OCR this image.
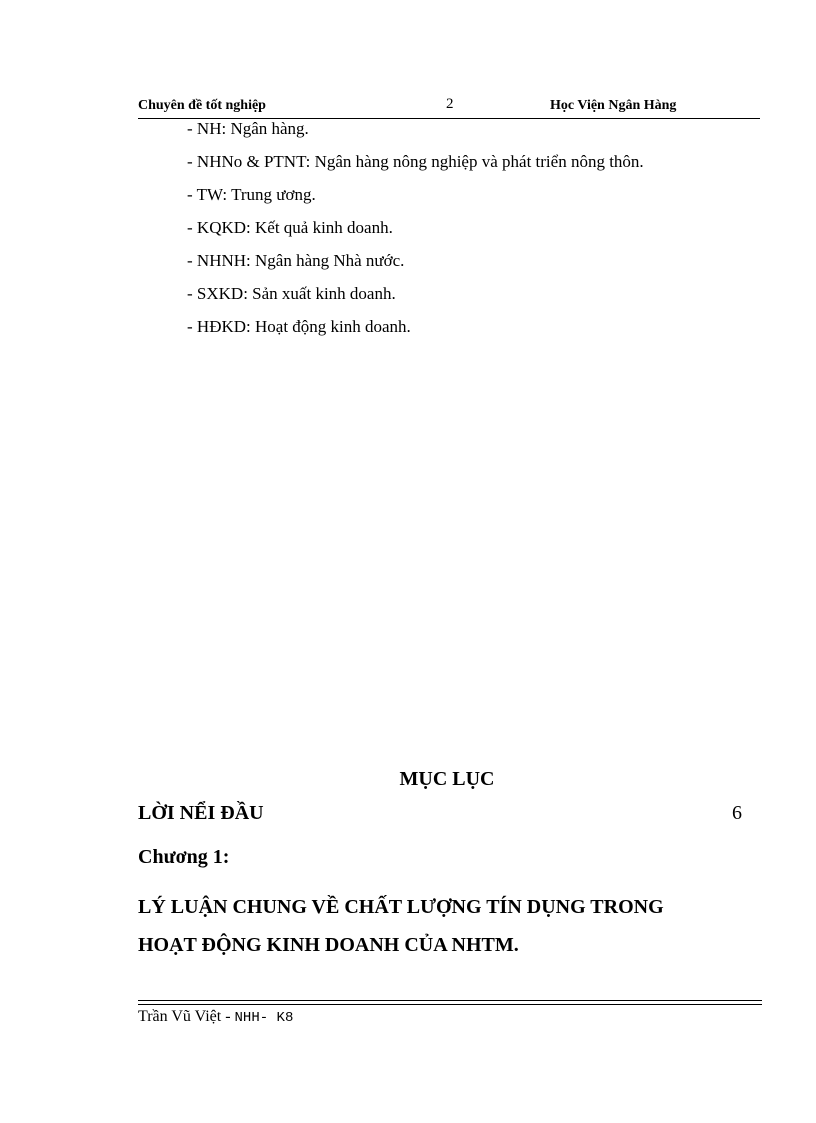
Chuyên đề tốt nghiệp	2	Học Viện Ngân Hàng
- NH: Ngân hàng.
- NHNo & PTNT: Ngân hàng nông nghiệp và phát triển nông thôn.
- TW: Trung ương.
- KQKD: Kết quả kinh doanh.
- NHNH: Ngân hàng Nhà nước.
- SXKD: Sản xuất kinh doanh.
- HĐKD: Hoạt động kinh doanh.
MỤC LỤC
LỜI NỂI ĐẦU	6
Chương 1:
LÝ LUẬN CHUNG VỀ CHẤT LƯỢNG TÍN DỤNG TRONG
HOẠT ĐỘNG KINH DOANH CỦA NHTM.
Trần Vũ Việt - NHH- K8
